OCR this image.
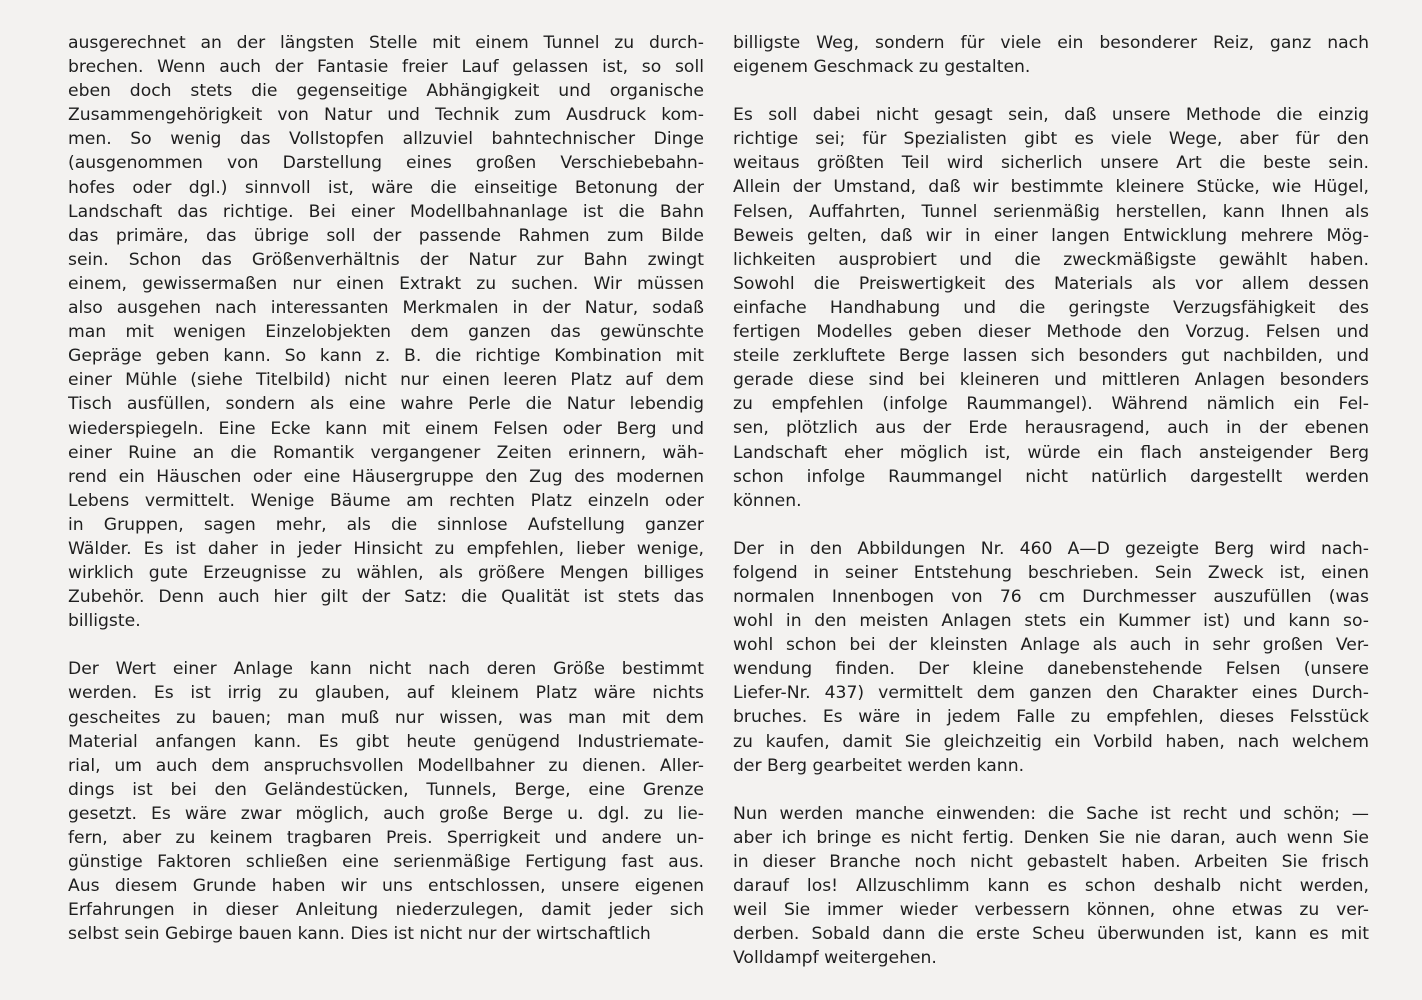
ausgerechnet an der längsten Stelle mit einem Tunnel zu durch-
brechen. Wenn auch der Fantasie freier Lauf gelassen ist, so soll
eben doch stets die gegenseitige Abhängigkeit und organische
Zusammengehörigkeit von Natur und Technik zum Ausdruck kom-
men. So wenig das Vollstopfen allzuviel bahntechnischer Dinge
(ausgenommen von Darstellung eines großen Verschiebebahn-
hofes oder dgl.) sinnvoll ist, wäre die einseitige Betonung der
Landschaft das richtige. Bei einer Modellbahnanlage ist die Bahn
das primäre, das übrige soll der passende Rahmen zum Bilde
sein. Schon das Größenverhältnis der Natur zur Bahn zwingt
einem, gewissermaßen nur einen Extrakt zu suchen. Wir müssen
also ausgehen nach interessanten Merkmalen in der Natur, sodaß
man mit wenigen Einzelobjekten dem ganzen das gewünschte
Gepräge geben kann. So kann z. B. die richtige Kombination mit
einer Mühle (siehe Titelbild) nicht nur einen leeren Platz auf dem
Tisch ausfüllen, sondern als eine wahre Perle die Natur lebendig
wiederspiegeln. Eine Ecke kann mit einem Felsen oder Berg und
einer Ruine an die Romantik vergangener Zeiten erinnern, wäh-
rend ein Häuschen oder eine Häusergruppe den Zug des modernen
Lebens vermittelt. Wenige Bäume am rechten Platz einzeln oder
in Gruppen, sagen mehr, als die sinnlose Aufstellung ganzer
Wälder. Es ist daher in jeder Hinsicht zu empfehlen, lieber wenige,
wirklich gute Erzeugnisse zu wählen, als größere Mengen billiges
Zubehör. Denn auch hier gilt der Satz: die Qualität ist stets das
billigste.
Der Wert einer Anlage kann nicht nach deren Größe bestimmt
werden. Es ist irrig zu glauben, auf kleinem Platz wäre nichts
gescheites zu bauen; man muß nur wissen, was man mit dem
Material anfangen kann. Es gibt heute genügend Industriemate-
rial, um auch dem anspruchsvollen Modellbahner zu dienen. Aller-
dings ist bei den Geländestücken, Tunnels, Berge, eine Grenze
gesetzt. Es wäre zwar möglich, auch große Berge u. dgl. zu lie-
fern, aber zu keinem tragbaren Preis. Sperrigkeit und andere un-
günstige Faktoren schließen eine serienmäßige Fertigung fast aus.
Aus diesem Grunde haben wir uns entschlossen, unsere eigenen
Erfahrungen in dieser Anleitung niederzulegen, damit jeder sich
selbst sein Gebirge bauen kann. Dies ist nicht nur der wirtschaftlich
billigste Weg, sondern für viele ein besonderer Reiz, ganz nach
eigenem Geschmack zu gestalten.
Es soll dabei nicht gesagt sein, daß unsere Methode die einzig
richtige sei; für Spezialisten gibt es viele Wege, aber für den
weitaus größten Teil wird sicherlich unsere Art die beste sein.
Allein der Umstand, daß wir bestimmte kleinere Stücke, wie Hügel,
Felsen, Auffahrten, Tunnel serienmäßig herstellen, kann Ihnen als
Beweis gelten, daß wir in einer langen Entwicklung mehrere Mög-
lichkeiten ausprobiert und die zweckmäßigste gewählt haben.
Sowohl die Preiswertigkeit des Materials als vor allem dessen
einfache Handhabung und die geringste Verzugsfähigkeit des
fertigen Modelles geben dieser Methode den Vorzug. Felsen und
steile zerkluftete Berge lassen sich besonders gut nachbilden, und
gerade diese sind bei kleineren und mittleren Anlagen besonders
zu empfehlen (infolge Raummangel). Während nämlich ein Fel-
sen, plötzlich aus der Erde herausragend, auch in der ebenen
Landschaft eher möglich ist, würde ein flach ansteigender Berg
schon infolge Raummangel nicht natürlich dargestellt werden
können.
Der in den Abbildungen Nr. 460 A—D gezeigte Berg wird nach-
folgend in seiner Entstehung beschrieben. Sein Zweck ist, einen
normalen Innenbogen von 76 cm Durchmesser auszufüllen (was
wohl in den meisten Anlagen stets ein Kummer ist) und kann so-
wohl schon bei der kleinsten Anlage als auch in sehr großen Ver-
wendung finden. Der kleine danebenstehende Felsen (unsere
Liefer-Nr. 437) vermittelt dem ganzen den Charakter eines Durch-
bruches. Es wäre in jedem Falle zu empfehlen, dieses Felsstück
zu kaufen, damit Sie gleichzeitig ein Vorbild haben, nach welchem
der Berg gearbeitet werden kann.
Nun werden manche einwenden: die Sache ist recht und schön; —
aber ich bringe es nicht fertig. Denken Sie nie daran, auch wenn Sie
in dieser Branche noch nicht gebastelt haben. Arbeiten Sie frisch
darauf los! Allzuschlimm kann es schon deshalb nicht werden,
weil Sie immer wieder verbessern können, ohne etwas zu ver-
derben. Sobald dann die erste Scheu überwunden ist, kann es mit
Volldampf weitergehen.
